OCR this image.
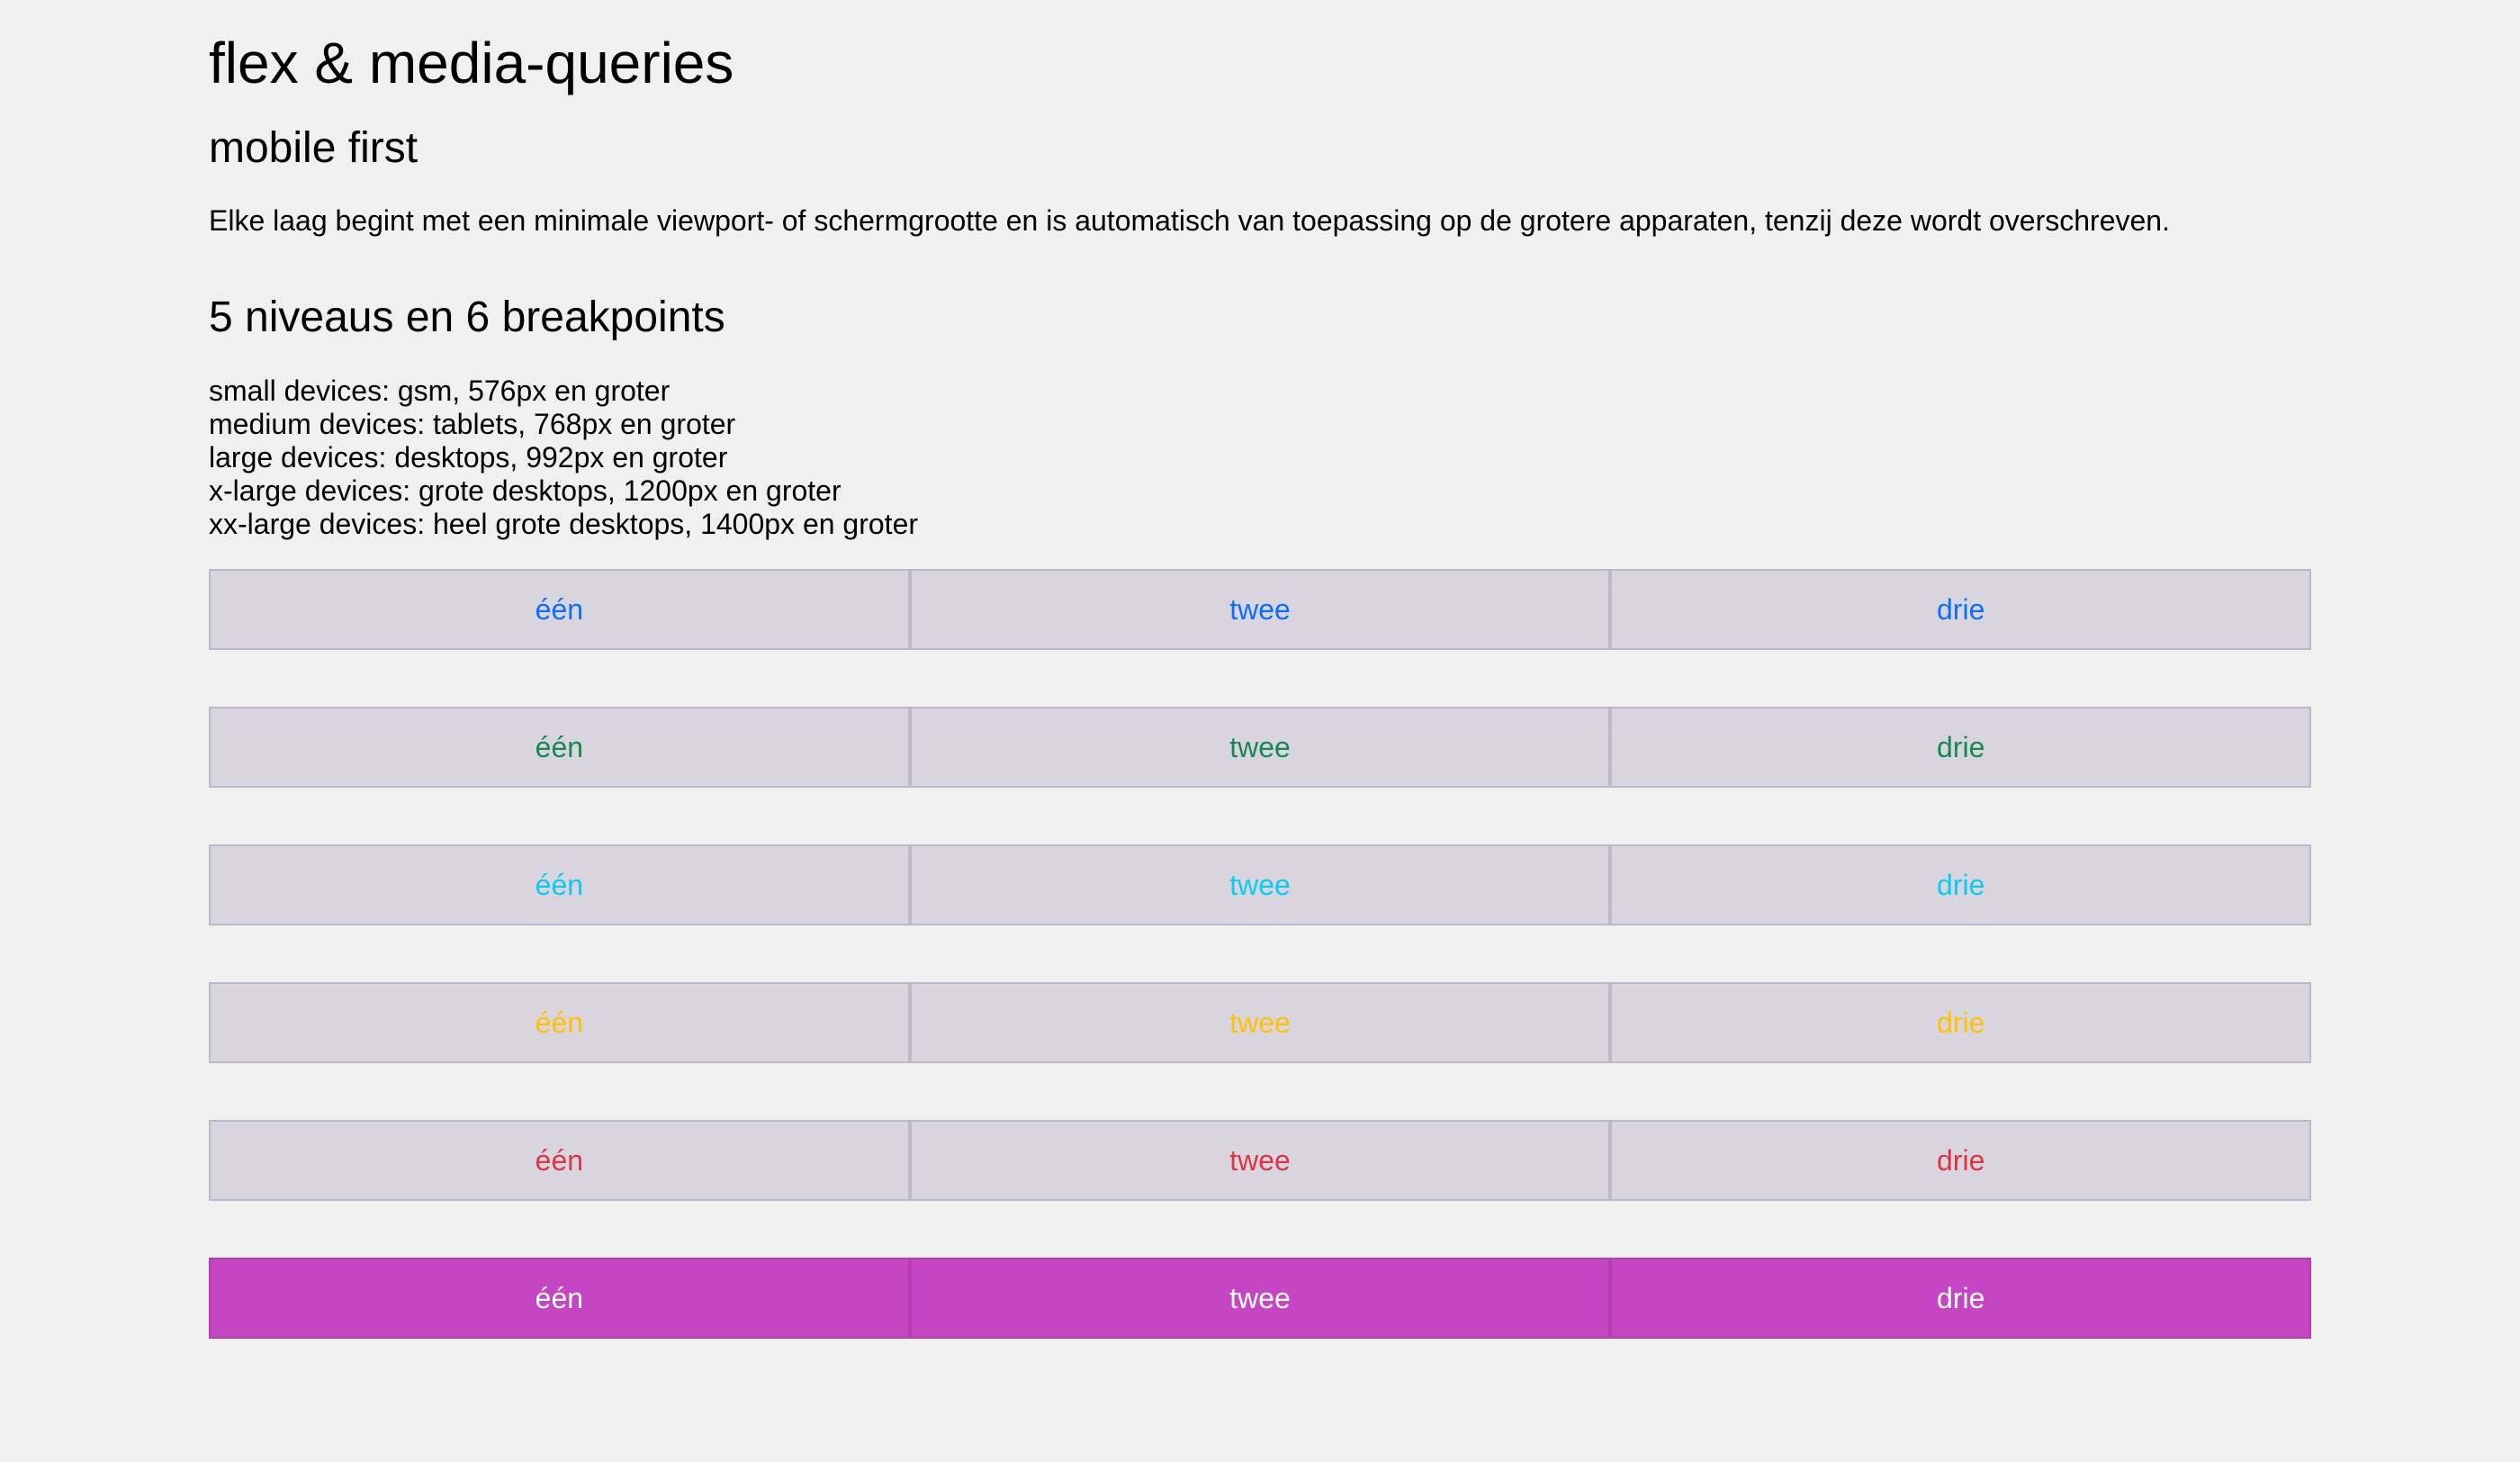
flex & media-queries
mobile first

Elke laag begint met een minimale viewport- of schermgrootte en is automatisch van toepassing op de grotere apparaten, tenzij deze wordt overschreven.

5 niveaus en 6 breakpoints
small devices: gsm, 576px en groter
medium devices: tablets, 768px en groter
large devices: desktops, 992px en groter
x-large devices: grote desktops, 1200px en groter
xx-large devices: heel grote desktops, 1400px en groter
één	twee	drie
één	twee	drie
één	twee	drie
één	twee	drie
één	twee	drie
één	twee	drie
